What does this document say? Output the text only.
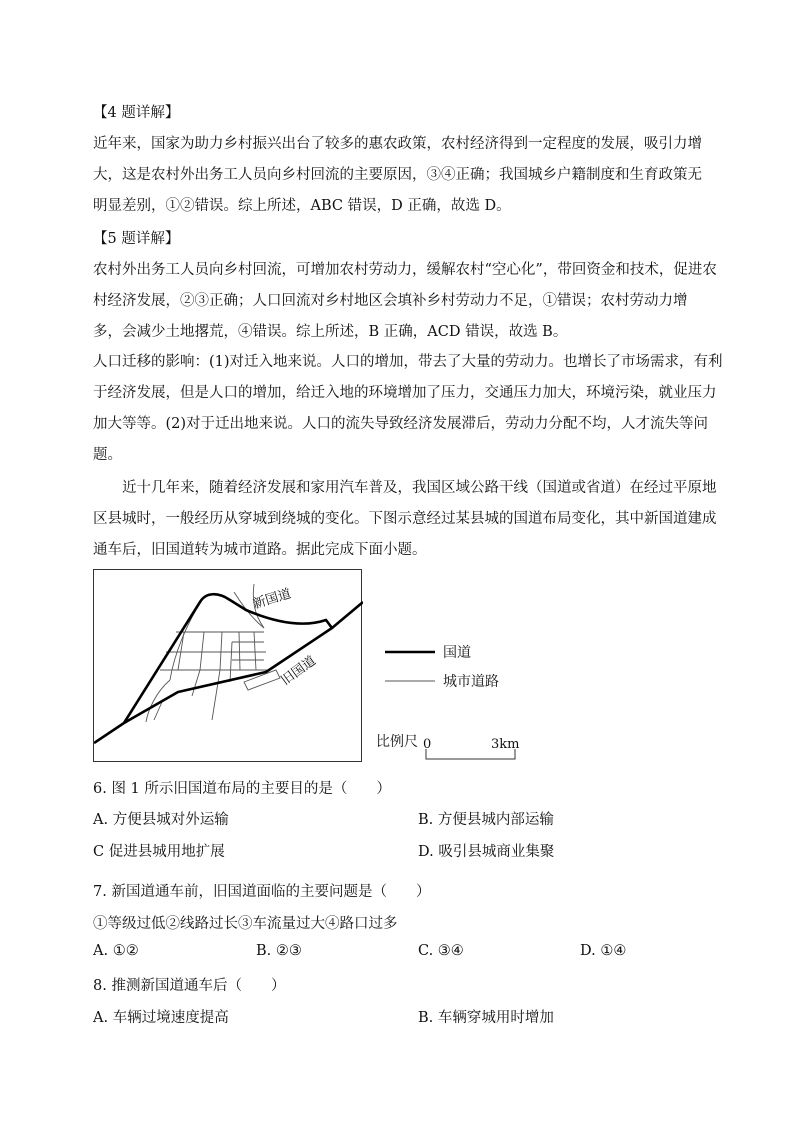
【4 题详解】
近年来，国家为助力乡村振兴出台了较多的惠农政策，农村经济得到一定程度的发展，吸引力增
大，这是农村外出务工人员向乡村回流的主要原因，③④正确；我国城乡户籍制度和生育政策无
明显差别，①②错误。综上所述，ABC 错误，D 正确，故选 D。
【5 题详解】
农村外出务工人员向乡村回流，可增加农村劳动力，缓解农村“空心化”，带回资金和技术，促进农
村经济发展，②③正确；人口回流对乡村地区会填补乡村劳动力不足，①错误；农村劳动力增
多，会减少土地撂荒，④错误。综上所述，B 正确，ACD 错误，故选 B。
人口迁移的影响：(1)对迁入地来说。人口的增加，带去了大量的劳动力。也增长了市场需求，有利
于经济发展，但是人口的增加，给迁入地的环境增加了压力，交通压力加大，环境污染，就业压力
加大等等。(2)对于迁出地来说。人口的流失导致经济发展滞后，劳动力分配不均，人才流失等问
题。
近十几年来，随着经济发展和家用汽车普及，我国区域公路干线（国道或省道）在经过平原地
区县城时，一般经历从穿城到绕城的变化。下图示意经过某县城的国道布局变化，其中新国道建成
通车后，旧国道转为城市道路。据此完成下面小题。
新国道
旧国道
国道
城市道路
比例尺 0	3km
6. 图 1 所示旧国道布局的主要目的是（　　）
A. 方便县城对外运输	B. 方便县城内部运输
C 促进县城用地扩展	D. 吸引县城商业集聚
7. 新国道通车前，旧国道面临的主要问题是（　　）
①等级过低②线路过长③车流量过大④路口过多
A. ①②	B. ②③	C. ③④	D. ①④
8. 推测新国道通车后（　　）
A. 车辆过境速度提高	B. 车辆穿城用时增加
